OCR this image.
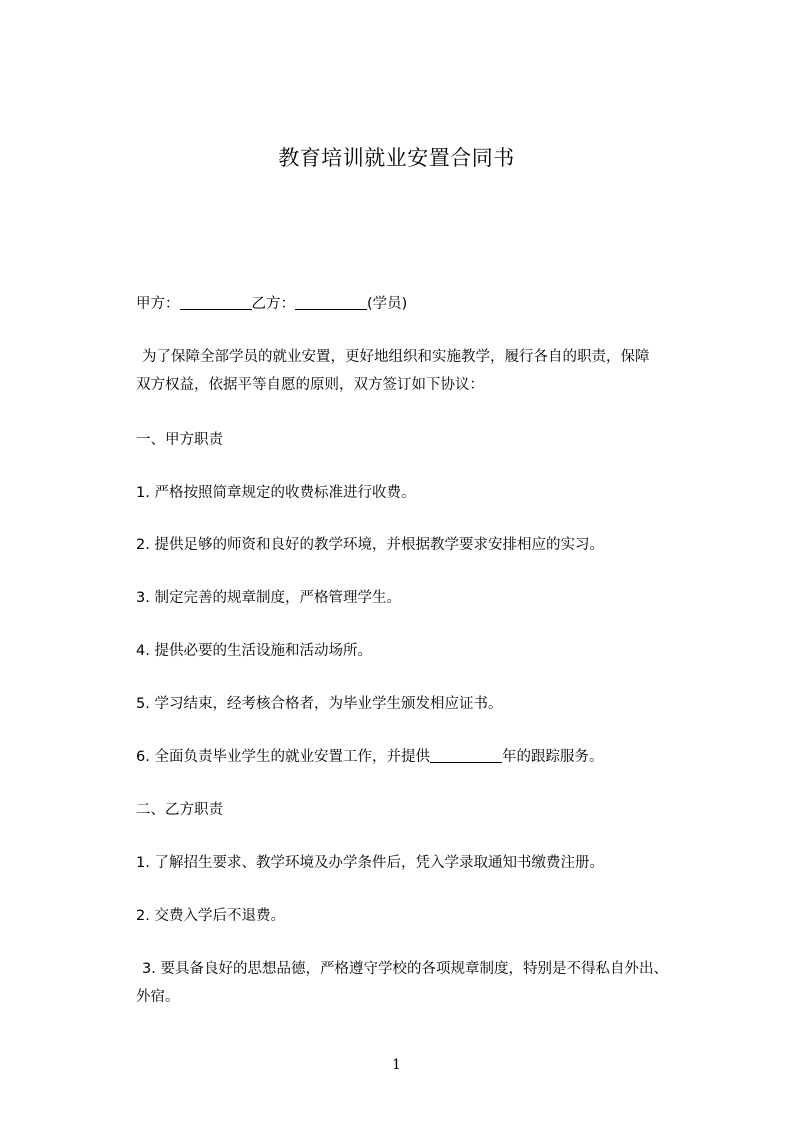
教育培训就业安置合同书
甲方：	乙方：	(学员)
为了保障全部学员的就业安置，更好地组织和实施教学，履行各自的职责，保障
双方权益，依据平等自愿的原则，双方签订如下协议：
一、甲方职责
1. 严格按照简章规定的收费标准进行收费。
2. 提供足够的师资和良好的教学环境，并根据教学要求安排相应的实习。
3. 制定完善的规章制度，严格管理学生。
4. 提供必要的生活设施和活动场所。
5. 学习结束，经考核合格者，为毕业学生颁发相应证书。
6. 全面负责毕业学生的就业安置工作，并提供	年的跟踪服务。
二、乙方职责
1. 了解招生要求、教学环境及办学条件后，凭入学录取通知书缴费注册。
2. 交费入学后不退费。
3. 要具备良好的思想品德，严格遵守学校的各项规章制度，特别是不得私自外出、
外宿。
1
